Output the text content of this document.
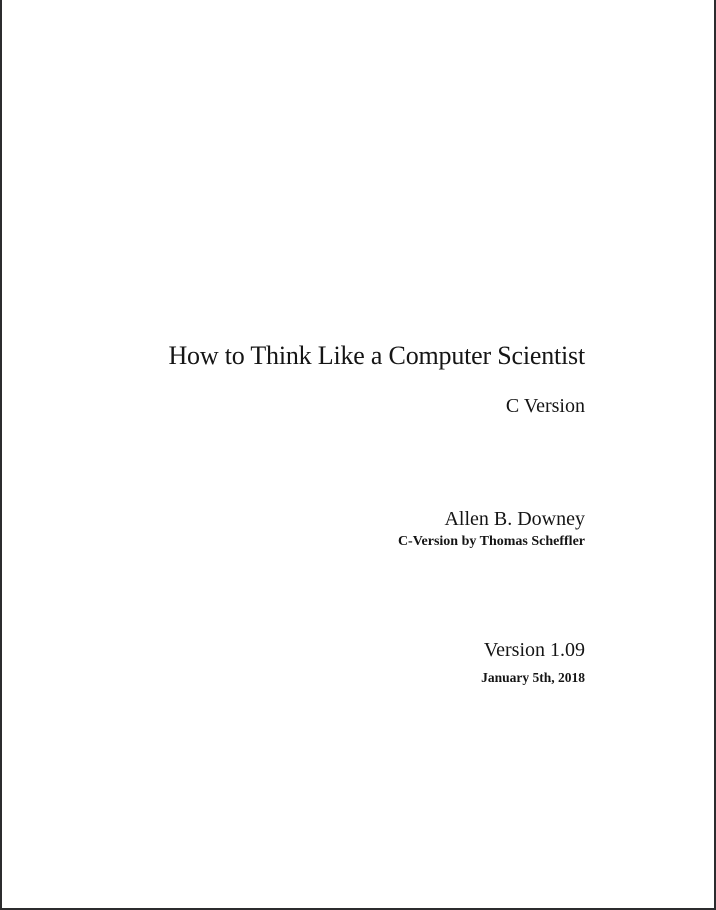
How to Think Like a Computer Scientist
C Version
Allen B. Downey
C-Version by Thomas Scheffler
Version 1.09
January 5th, 2018
